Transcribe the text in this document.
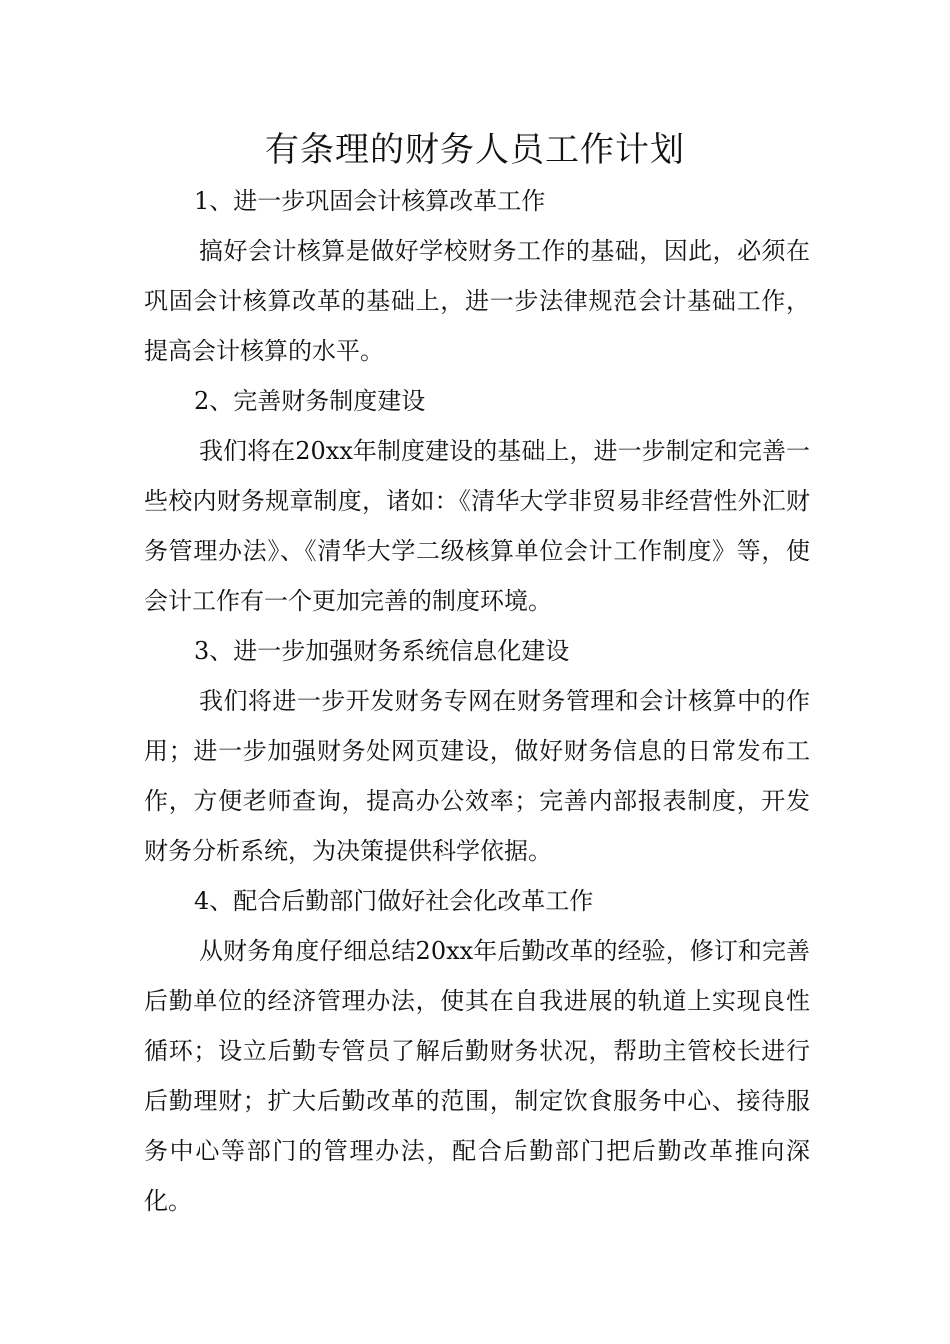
有条理的财务人员工作计划

1、进一步巩固会计核算改革工作

搞好会计核算是做好学校财务工作的基础，因此，必须在巩固会计核算改革的基础上，进一步法律规范会计基础工作，提高会计核算的水平。

2、完善财务制度建设

我们将在20xx年制度建设的基础上，进一步制定和完善一些校内财务规章制度，诸如：《清华大学非贸易非经营性外汇财务管理办法》、《清华大学二级核算单位会计工作制度》等，使会计工作有一个更加完善的制度环境。

3、进一步加强财务系统信息化建设

我们将进一步开发财务专网在财务管理和会计核算中的作用；进一步加强财务处网页建设，做好财务信息的日常发布工作，方便老师查询，提高办公效率；完善内部报表制度，开发财务分析系统，为决策提供科学依据。

4、配合后勤部门做好社会化改革工作

从财务角度仔细总结20xx年后勤改革的经验，修订和完善后勤单位的经济管理办法，使其在自我进展的轨道上实现良性循环；设立后勤专管员了解后勤财务状况，帮助主管校长进行后勤理财；扩大后勤改革的范围，制定饮食服务中心、接待服务中心等部门的管理办法，配合后勤部门把后勤改革推向深化。
